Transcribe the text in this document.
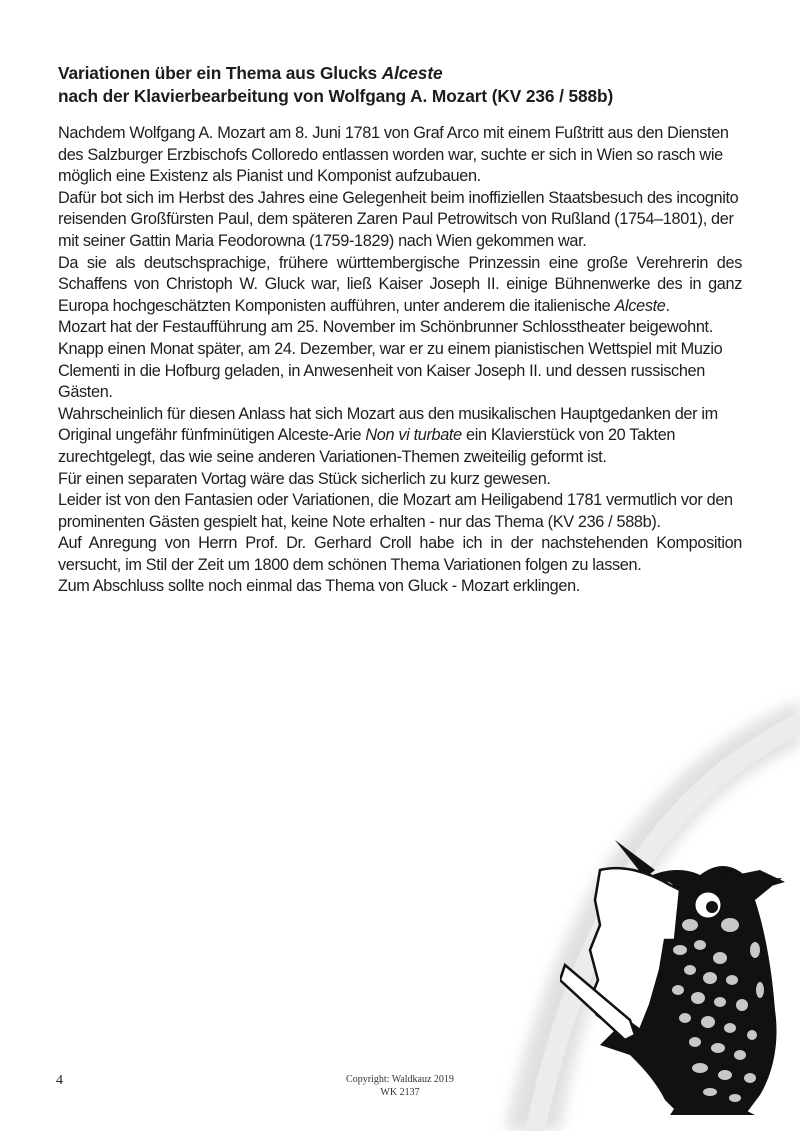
Variationen über ein Thema aus Glucks Alceste
nach der Klavierbearbeitung von Wolfgang A. Mozart (KV 236 / 588b)

Nachdem Wolfgang A. Mozart am 8. Juni 1781 von Graf Arco mit einem Fußtritt aus den Diensten des Salzburger Erzbischofs Colloredo entlassen worden war, suchte er sich in Wien so rasch wie möglich eine Existenz als Pianist und Komponist aufzubauen.

Dafür bot sich im Herbst des Jahres eine Gelegenheit beim inoffiziellen Staatsbesuch des incognito reisenden Großfürsten Paul, dem späteren Zaren Paul Petrowitsch von Rußland (1754–1801), der mit seiner Gattin Maria Feodorowna (1759-1829) nach Wien gekommen war.

Da sie als deutschsprachige, frühere württembergische Prinzessin eine große Verehrerin des Schaffens von Christoph W. Gluck war, ließ Kaiser Joseph II. einige Bühnenwerke des in ganz Europa hochgeschätzten Komponisten aufführen, unter anderem die italienische Alceste.

Mozart hat der Festaufführung am 25. November im Schönbrunner Schlosstheater beigewohnt. Knapp einen Monat später, am 24. Dezember, war er zu einem pianistischen Wettspiel mit Muzio Clementi in die Hofburg geladen, in Anwesenheit von Kaiser Joseph II. und dessen russischen Gästen.

Wahrscheinlich für diesen Anlass hat sich Mozart aus den musikalischen Hauptgedanken der im Original ungefähr fünfminütigen Alceste-Arie Non vi turbate ein Klavierstück von 20 Takten zurechtgelegt, das wie seine anderen Variationen-Themen zweiteilig geformt ist.

Für einen separaten Vortag wäre das Stück sicherlich zu kurz gewesen.

Leider ist von den Fantasien oder Variationen, die Mozart am Heiligabend 1781 vermutlich vor den prominenten Gästen gespielt hat, keine Note erhalten - nur das Thema (KV 236 / 588b).

Auf Anregung von Herrn Prof. Dr. Gerhard Croll habe ich in der nachstehenden Komposition versucht, im Stil der Zeit um 1800 dem schönen Thema Variationen folgen zu lassen.

Zum Abschluss sollte noch einmal das Thema von Gluck - Mozart erklingen.

4	Copyright: Waldkauz 2019
WK 2137
